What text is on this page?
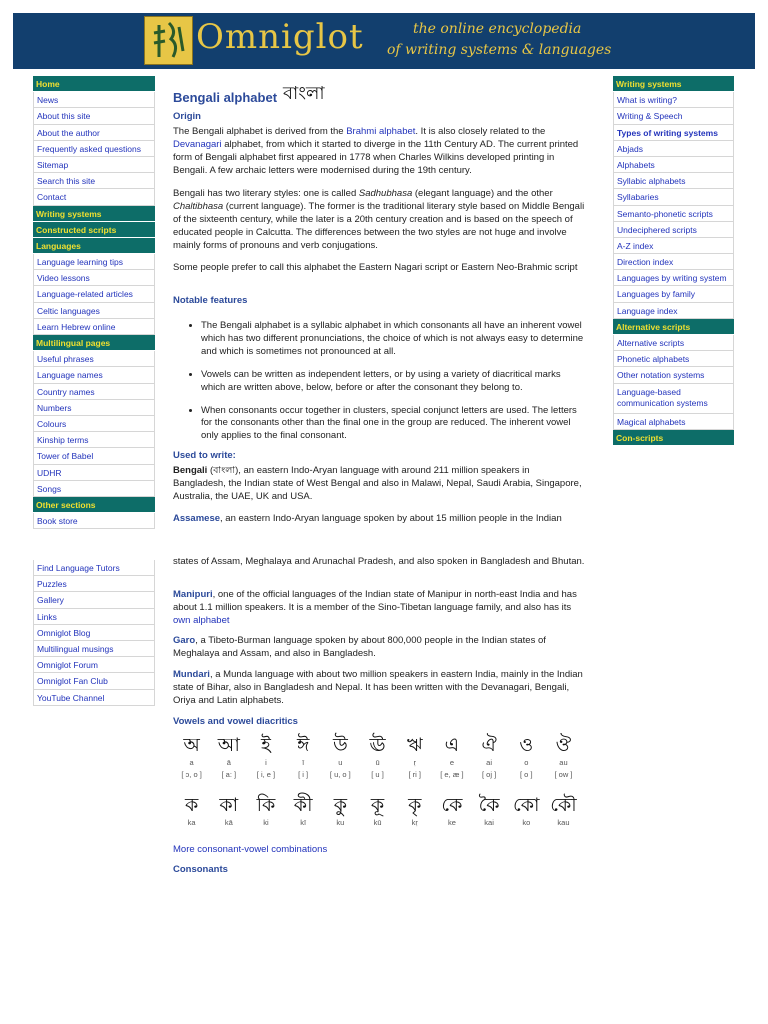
Omniglot	the online encyclopedia
of writing systems & languages
Home
News
About this site
About the author
Frequently asked questions
Sitemap
Search this site
Contact
Writing systems
Constructed scripts
Languages
Language learning tips
Video lessons
Language-related articles
Celtic languages
Learn Hebrew online
Multilingual pages
Useful phrases
Language names
Country names
Numbers
Colours
Kinship terms
Tower of Babel
UDHR
Songs
Other sections
Book store
Find Language Tutors
Puzzles
Gallery
Links
Omniglot Blog
Multilingual musings
Omniglot Forum
Omniglot Fan Club
YouTube Channel
Writing systems
What is writing?
Writing & Speech
Types of writing systems
Abjads
Alphabets
Syllabic alphabets
Syllabaries
Semanto-phonetic scripts
Undeciphered scripts
A-Z index
Direction index
Languages by writing system
Languages by family
Language index
Alternative scripts
Alternative scripts
Phonetic alphabets
Other notation systems
Language-based communication systems
Magical alphabets
Con-scripts
Bengali alphabet বাংলা
Origin

The Bengali alphabet is derived from the Brahmi alphabet. It is also closely related to the Devanagari alphabet, from which it started to diverge in the 11th Century AD. The current printed form of Bengali alphabet first appeared in 1778 when Charles Wilkins developed printing in Bengali. A few archaic letters were modernised during the 19th century.

Bengali has two literary styles: one is called Sadhubhasa (elegant language) and the other Chaltibhasa (current language). The former is the traditional literary style based on Middle Bengali of the sixteenth century, while the later is a 20th century creation and is based on the speech of educated people in Calcutta. The differences between the two styles are not huge and involve mainly forms of pronouns and verb conjugations.

Some people prefer to call this alphabet the Eastern Nagari script or Eastern Neo-Brahmic script

Notable features
• The Bengali alphabet is a syllabic alphabet in which consonants all have an inherent vowel which has two different pronunciations, the choice of which is not always easy to determine and which is sometimes not pronounced at all.
• Vowels can be written as independent letters, or by using a variety of diacritical marks which are written above, below, before or after the consonant they belong to.
• When consonants occur together in clusters, special conjunct letters are used. The letters for the consonants other than the final one in the group are reduced. The inherent vowel only applies to the final consonant.
Used to write:

Bengali (বাংলা), an eastern Indo-Aryan language with around 211 million speakers in Bangladesh, the Indian state of West Bengal and also in Malawi, Nepal, Saudi Arabia, Singapore, Australia, the UAE, UK and USA.

Assamese, an eastern Indo-Aryan language spoken by about 15 million people in the Indian

states of Assam, Meghalaya and Arunachal Pradesh, and also spoken in Bangladesh and Bhutan.

Manipuri, one of the official languages of the Indian state of Manipur in north-east India and has about 1.1 million speakers. It is a member of the Sino-Tibetan language family, and also has its own alphabet

Garo, a Tibeto-Burman language spoken by about 800,000 people in the Indian states of Meghalaya and Assam, and also in Bangladesh.

Mundari, a Munda language with about two million speakers in eastern India, mainly in the Indian state of Bihar, also in Bangladesh and Nepal. It has been written with the Devanagari, Bengali, Oriya and Latin alphabets.

Vowels and vowel diacritics
অ
a
[ ɔ, o ]
আ
ā
[ a: ]
ই
i
[ i, e ]
ঈ
ī
[ i ]
উ
u
[ u, o ]
ঊ
ū
[ u ]
ঋ
ṛ
[ ri ]
এ
e
[ e, æ ]
ঐ
ai
[ oj ]
ও
o
[ o ]
ঔ
au
[ ow ]
ক
ka
কা
kā
কি
ki
কী
kī
কু
ku
কূ
kū
কৃ
kṛ
কে
ke
কৈ
kai
কো
ko
কৌ
kau
More consonant-vowel combinations
Consonants
